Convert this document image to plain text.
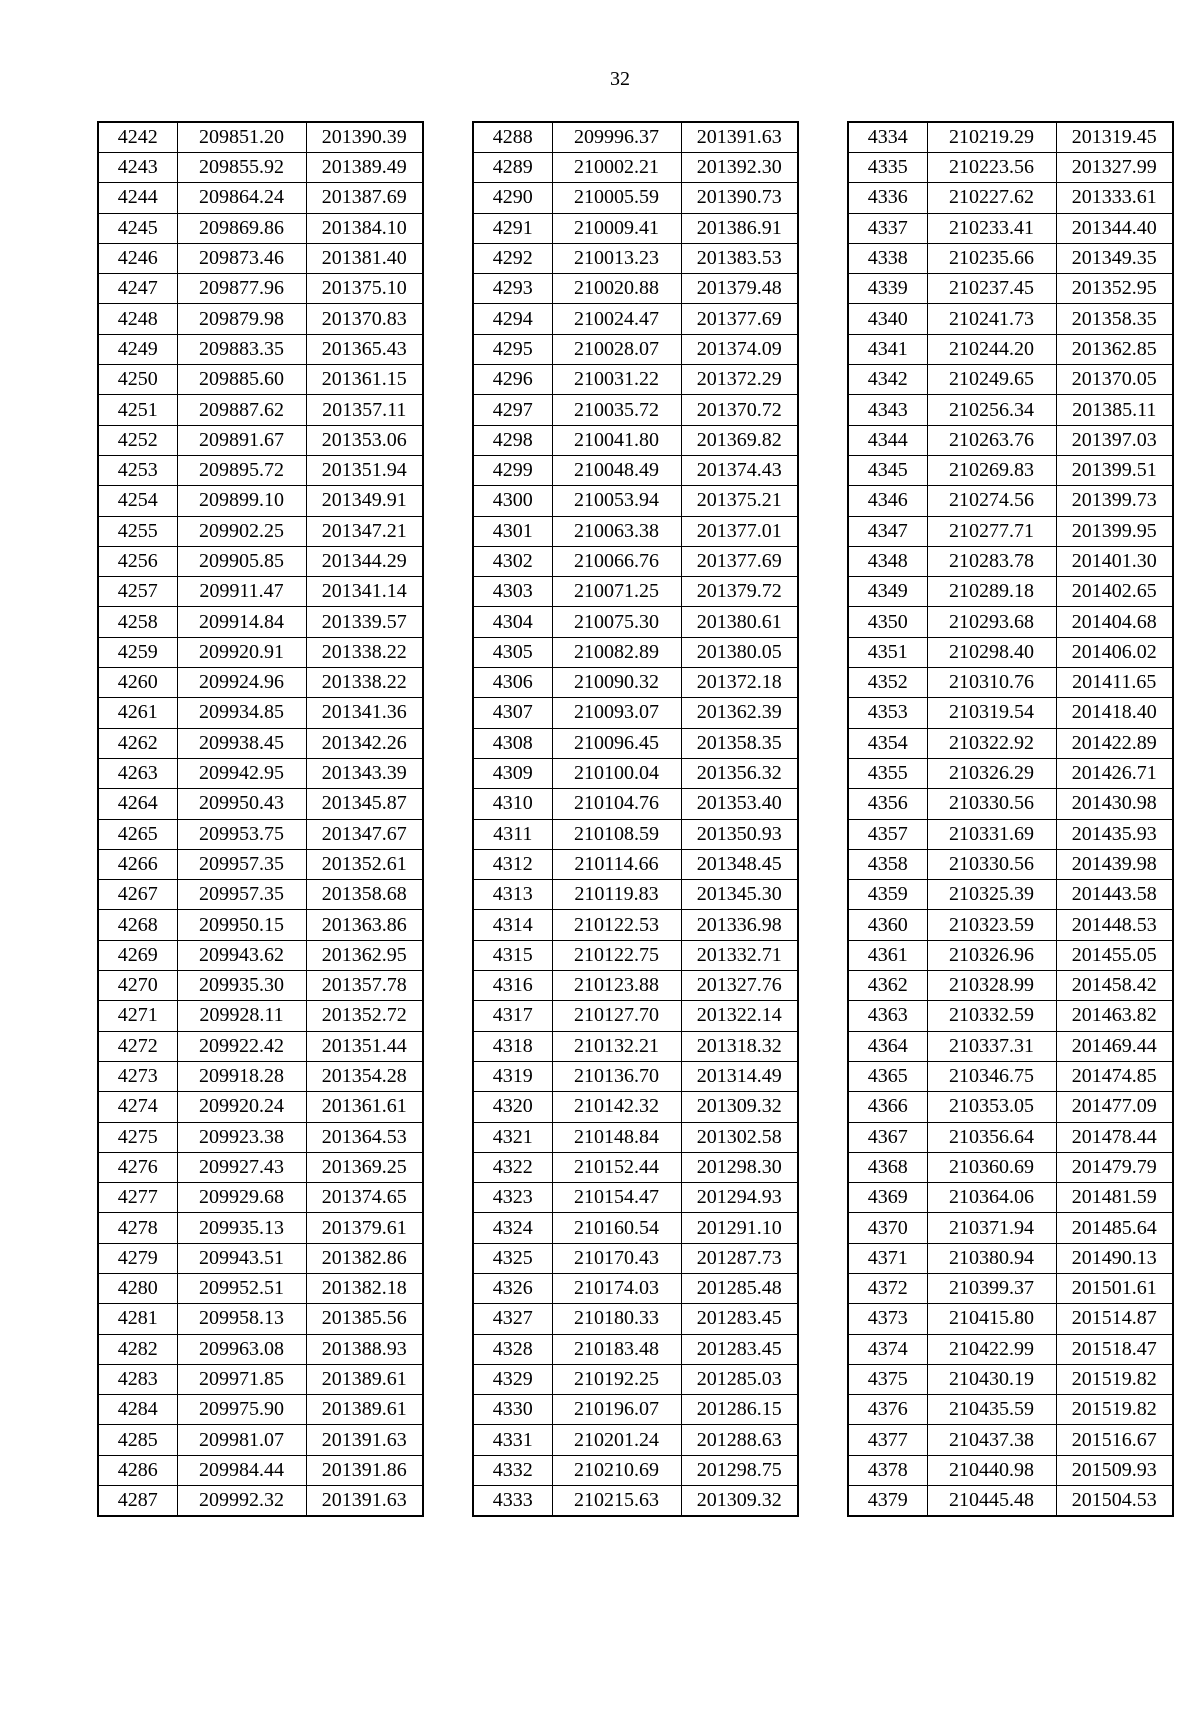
32
4242	209851.20	201390.39
4243	209855.92	201389.49
4244	209864.24	201387.69
4245	209869.86	201384.10
4246	209873.46	201381.40
4247	209877.96	201375.10
4248	209879.98	201370.83
4249	209883.35	201365.43
4250	209885.60	201361.15
4251	209887.62	201357.11
4252	209891.67	201353.06
4253	209895.72	201351.94
4254	209899.10	201349.91
4255	209902.25	201347.21
4256	209905.85	201344.29
4257	209911.47	201341.14
4258	209914.84	201339.57
4259	209920.91	201338.22
4260	209924.96	201338.22
4261	209934.85	201341.36
4262	209938.45	201342.26
4263	209942.95	201343.39
4264	209950.43	201345.87
4265	209953.75	201347.67
4266	209957.35	201352.61
4267	209957.35	201358.68
4268	209950.15	201363.86
4269	209943.62	201362.95
4270	209935.30	201357.78
4271	209928.11	201352.72
4272	209922.42	201351.44
4273	209918.28	201354.28
4274	209920.24	201361.61
4275	209923.38	201364.53
4276	209927.43	201369.25
4277	209929.68	201374.65
4278	209935.13	201379.61
4279	209943.51	201382.86
4280	209952.51	201382.18
4281	209958.13	201385.56
4282	209963.08	201388.93
4283	209971.85	201389.61
4284	209975.90	201389.61
4285	209981.07	201391.63
4286	209984.44	201391.86
4287	209992.32	201391.63
4288	209996.37	201391.63
4289	210002.21	201392.30
4290	210005.59	201390.73
4291	210009.41	201386.91
4292	210013.23	201383.53
4293	210020.88	201379.48
4294	210024.47	201377.69
4295	210028.07	201374.09
4296	210031.22	201372.29
4297	210035.72	201370.72
4298	210041.80	201369.82
4299	210048.49	201374.43
4300	210053.94	201375.21
4301	210063.38	201377.01
4302	210066.76	201377.69
4303	210071.25	201379.72
4304	210075.30	201380.61
4305	210082.89	201380.05
4306	210090.32	201372.18
4307	210093.07	201362.39
4308	210096.45	201358.35
4309	210100.04	201356.32
4310	210104.76	201353.40
4311	210108.59	201350.93
4312	210114.66	201348.45
4313	210119.83	201345.30
4314	210122.53	201336.98
4315	210122.75	201332.71
4316	210123.88	201327.76
4317	210127.70	201322.14
4318	210132.21	201318.32
4319	210136.70	201314.49
4320	210142.32	201309.32
4321	210148.84	201302.58
4322	210152.44	201298.30
4323	210154.47	201294.93
4324	210160.54	201291.10
4325	210170.43	201287.73
4326	210174.03	201285.48
4327	210180.33	201283.45
4328	210183.48	201283.45
4329	210192.25	201285.03
4330	210196.07	201286.15
4331	210201.24	201288.63
4332	210210.69	201298.75
4333	210215.63	201309.32
4334	210219.29	201319.45
4335	210223.56	201327.99
4336	210227.62	201333.61
4337	210233.41	201344.40
4338	210235.66	201349.35
4339	210237.45	201352.95
4340	210241.73	201358.35
4341	210244.20	201362.85
4342	210249.65	201370.05
4343	210256.34	201385.11
4344	210263.76	201397.03
4345	210269.83	201399.51
4346	210274.56	201399.73
4347	210277.71	201399.95
4348	210283.78	201401.30
4349	210289.18	201402.65
4350	210293.68	201404.68
4351	210298.40	201406.02
4352	210310.76	201411.65
4353	210319.54	201418.40
4354	210322.92	201422.89
4355	210326.29	201426.71
4356	210330.56	201430.98
4357	210331.69	201435.93
4358	210330.56	201439.98
4359	210325.39	201443.58
4360	210323.59	201448.53
4361	210326.96	201455.05
4362	210328.99	201458.42
4363	210332.59	201463.82
4364	210337.31	201469.44
4365	210346.75	201474.85
4366	210353.05	201477.09
4367	210356.64	201478.44
4368	210360.69	201479.79
4369	210364.06	201481.59
4370	210371.94	201485.64
4371	210380.94	201490.13
4372	210399.37	201501.61
4373	210415.80	201514.87
4374	210422.99	201518.47
4375	210430.19	201519.82
4376	210435.59	201519.82
4377	210437.38	201516.67
4378	210440.98	201509.93
4379	210445.48	201504.53
